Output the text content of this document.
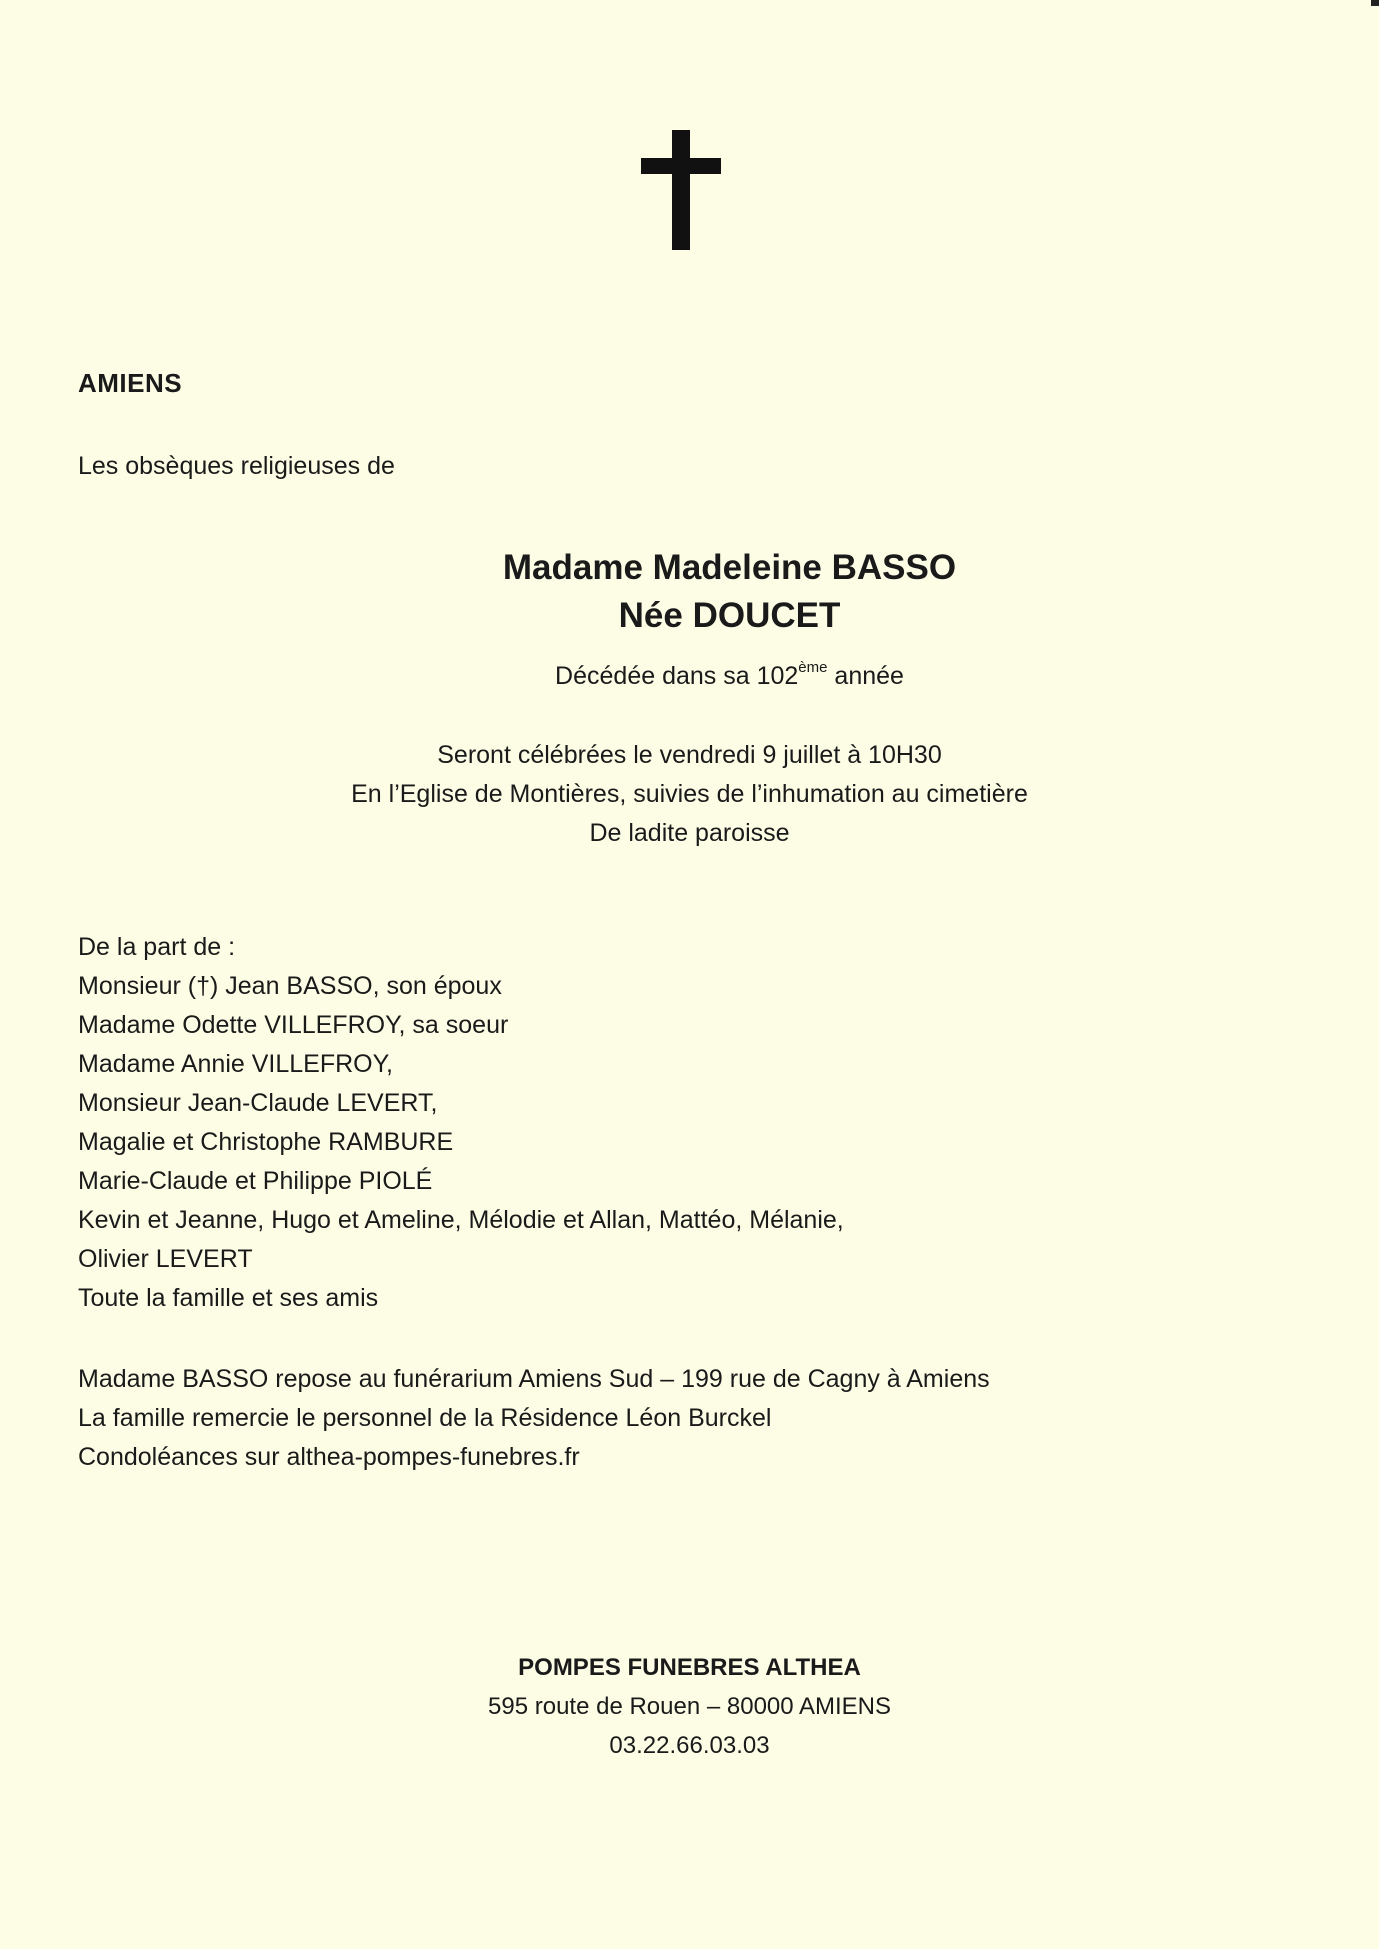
AMIENS
Les obsèques religieuses de
Madame Madeleine BASSO
Née DOUCET
Décédée dans sa 102ème année
Seront célébrées le vendredi 9 juillet à 10H30
En l’Eglise de Montières, suivies de l’inhumation au cimetière
De ladite paroisse
De la part de :
Monsieur (†) Jean BASSO, son époux
Madame Odette VILLEFROY, sa soeur
Madame Annie VILLEFROY,
Monsieur Jean-Claude LEVERT,
Magalie et Christophe RAMBURE
Marie-Claude et Philippe PIOLÉ
Kevin et Jeanne, Hugo et Ameline, Mélodie et Allan, Mattéo, Mélanie,
Olivier LEVERT
Toute la famille et ses amis
Madame BASSO repose au funérarium Amiens Sud – 199 rue de Cagny à Amiens
La famille remercie le personnel de la Résidence Léon Burckel
Condoléances sur althea-pompes-funebres.fr
POMPES FUNEBRES ALTHEA
595 route de Rouen – 80000 AMIENS
03.22.66.03.03
